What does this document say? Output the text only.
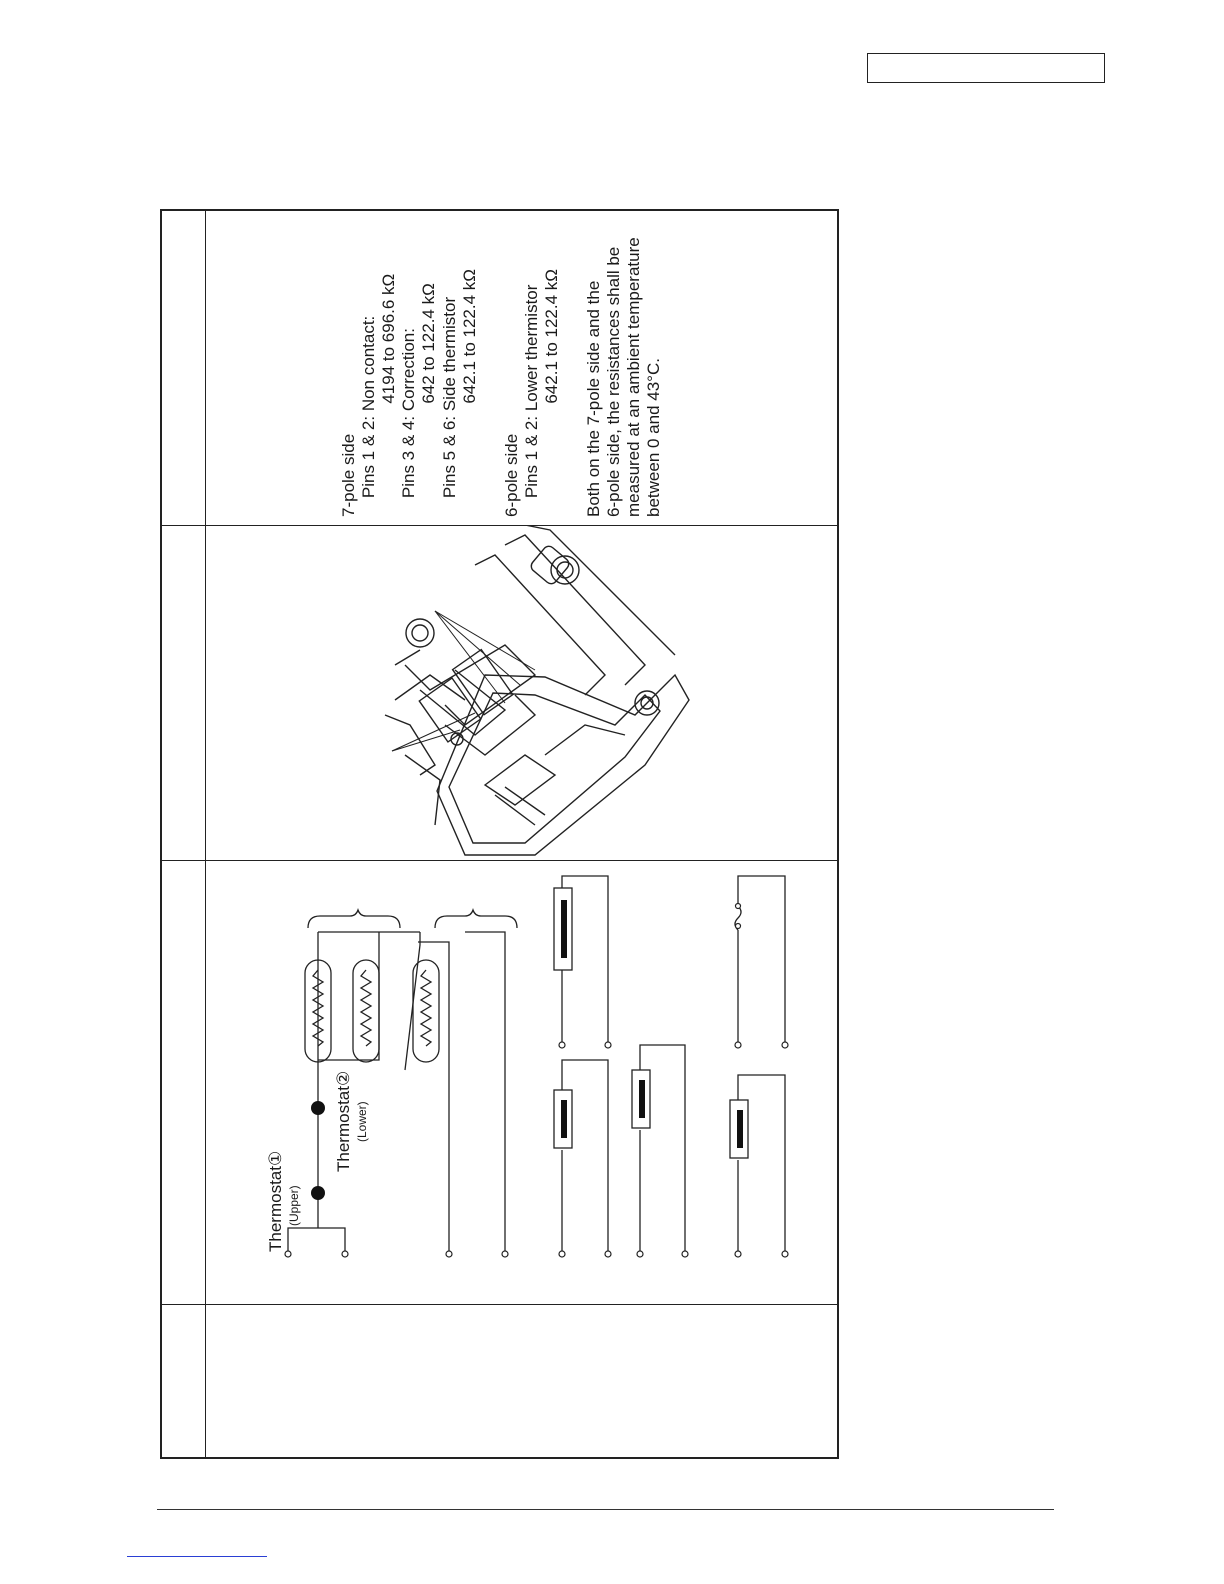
7-pole side Pins 1 & 2: Non contact: 4194 to 696.6 kΩ Pins 3 & 4: Correction: 642 to 122.4 kΩ Pins 5 & 6: Side thermistor 642.1 to 122.4 kΩ 6-pole side Pins 1 & 2: Lower thermistor 642.1 to 122.4 kΩ Both on the 7-pole side and the 6-pole side, the resistances shall be measured at an ambient temperature between 0 and 43°C.
Thermostat① (Upper)
Thermostat② (Lower)
